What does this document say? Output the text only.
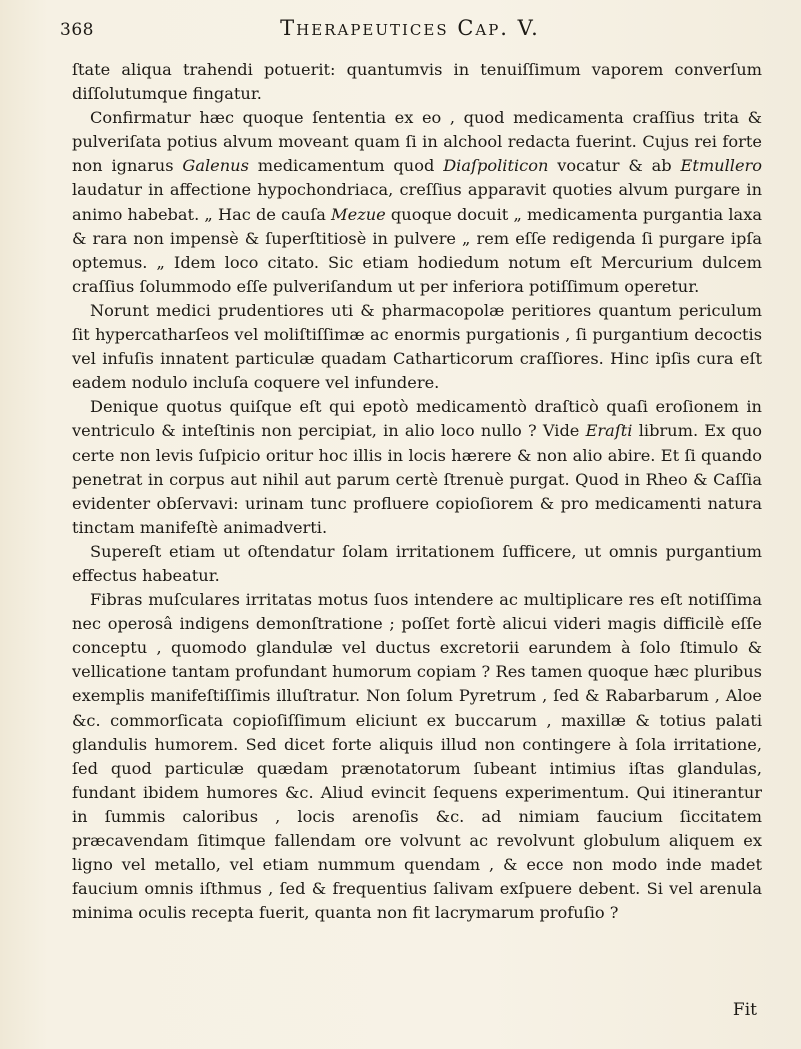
368	Therapeutices Cap. V.

ſtate aliqua trahendi potuerit: quantumvis in tenuiſſimum vaporem converſum diſſolutumque fingatur.

Confirmatur hæc quoque ſententia ex eo , quod medicamenta craſſius trita & pulveriſata potius alvum moveant quam ſi in alchool redacta fuerint. Cujus rei forte non ignarus Galenus medicamentum quod Diaſpoliticon vocatur & ab Etmullero laudatur in affectione hypochondriaca, creſſius apparavit quoties alvum purgare in animo habebat. „ Hac de cauſa Mezue quoque docuit „ medicamenta purgantia laxa & rara non impensè & ſuperſtitiosè in pulvere „ rem eſſe redigenda ſi purgare ipſa optemus. „ Idem loco citato. Sic etiam hodiedum notum eſt Mercurium dulcem craſſius ſolummodo eſſe pulveriſandum ut per inferiora potiſſimum operetur.

Norunt medici prudentiores uti & pharmacopolæ peritiores quantum periculum ſit hypercatharſeos vel moliſtiſſimæ ac enormis purgationis , ſi purgantium decoctis vel infuſis innatent particulæ quadam Catharticorum craſſiores. Hinc ipſis cura eſt eadem nodulo incluſa coquere vel infundere.

Denique quotus quiſque eſt qui epotò medicamentò draſticò quaſi eroſionem in ventriculo & inteſtinis non percipiat, in alio loco nullo ? Vide Eraſti librum. Ex quo certe non levis ſuſpicio oritur hoc illis in locis hærere & non alio abire. Et ſi quando penetrat in corpus aut nihil aut parum certè ſtrenuè purgat. Quod in Rheo & Caſſia evidenter obſervavi: urinam tunc profluere copioſiorem & pro medicamenti natura tinctam manifeſtè animadverti.

Supereſt etiam ut oſtendatur ſolam irritationem ſufficere, ut omnis purgantium effectus habeatur.

Fibras muſculares irritatas motus ſuos intendere ac multiplicare res eſt notiſſima nec operosâ indigens demonſtratione ; poſſet fortè alicui videri magis difficilè eſſe conceptu , quomodo glandulæ vel ductus excretorii earundem à ſolo ſtimulo & vellicatione tantam profundant humorum copiam ? Res tamen quoque hæc pluribus exemplis manifeſtiſſimis illuſtratur. Non ſolum Pyretrum , ſed & Rabarbarum , Aloe &c. commorſicata copioſiſſimum eliciunt ex buccarum , maxillæ & totius palati glandulis humorem. Sed dicet forte aliquis illud non contingere à ſola irritatione, ſed quod particulæ quædam prænotatorum ſubeant intimius iſtas glandulas, fundant ibidem humores &c. Aliud evincit ſequens experimentum. Qui itinerantur in ſummis caloribus , locis arenoſis &c. ad nimiam faucium ſiccitatem præcavendam ſitimque fallendam ore volvunt ac revolvunt globulum aliquem ex ligno vel metallo, vel etiam nummum quendam , & ecce non modo inde madet faucium omnis iſthmus , ſed & frequentius ſalivam exſpuere debent. Si vel arenula minima oculis recepta fuerit, quanta non fit lacrymarum profuſio ?

Fit
